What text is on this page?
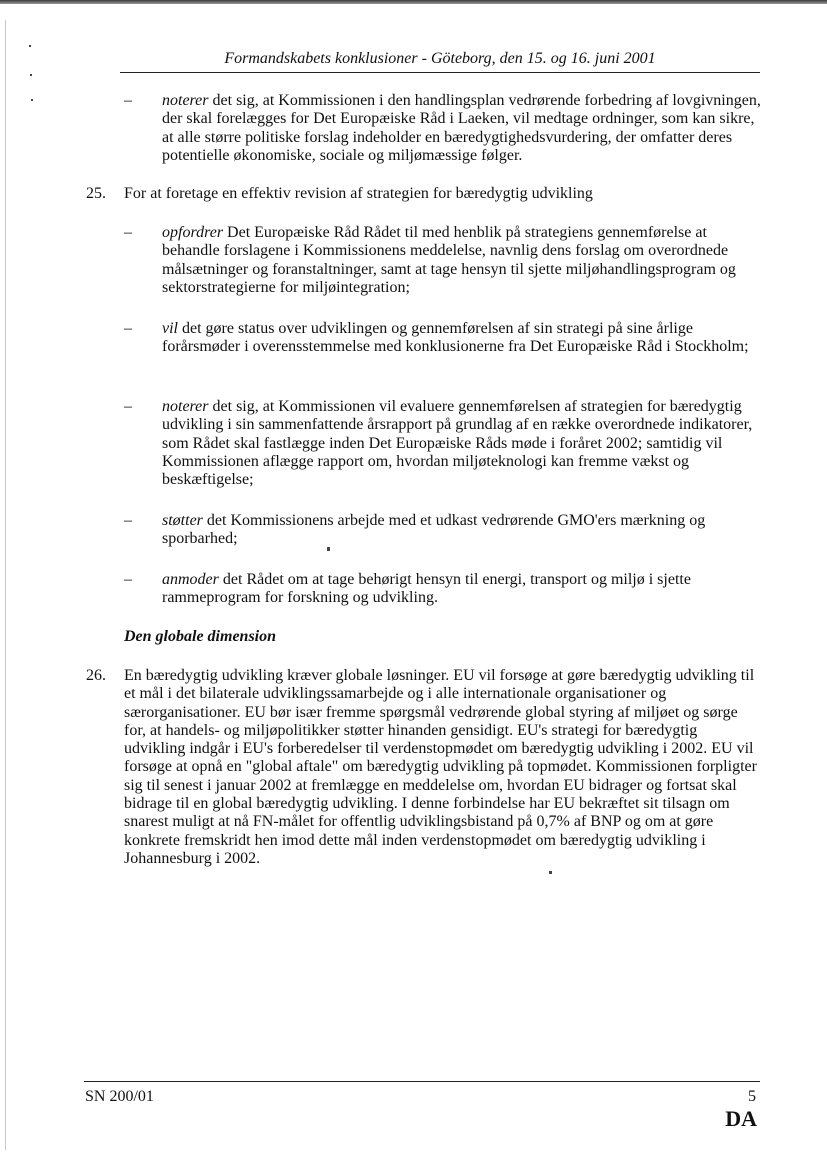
Formandskabets konklusioner - Göteborg, den 15. og 16. juni 2001
– noterer det sig, at Kommissionen i den handlingsplan vedrørende forbedring af lovgivningen, der skal forelægges for Det Europæiske Råd i Laeken, vil medtage ordninger, som kan sikre, at alle større politiske forslag indeholder en bæredygtighedsvurdering, der omfatter deres potentielle økonomiske, sociale og miljømæssige følger.
25. For at foretage en effektiv revision af strategien for bæredygtig udvikling
– opfordrer Det Europæiske Råd Rådet til med henblik på strategiens gennemførelse at behandle forslagene i Kommissionens meddelelse, navnlig dens forslag om overordnede målsætninger og foranstaltninger, samt at tage hensyn til sjette miljøhandlingsprogram og sektorstrategierne for miljøintegration;
– vil det gøre status over udviklingen og gennemførelsen af sin strategi på sine årlige forårsmøder i overensstemmelse med konklusionerne fra Det Europæiske Råd i Stockholm;
– noterer det sig, at Kommissionen vil evaluere gennemførelsen af strategien for bæredygtig udvikling i sin sammenfattende årsrapport på grundlag af en række overordnede indikatorer, som Rådet skal fastlægge inden Det Europæiske Råds møde i foråret 2002; samtidig vil Kommissionen aflægge rapport om, hvordan miljøteknologi kan fremme vækst og beskæftigelse;
– støtter det Kommissionens arbejde med et udkast vedrørende GMO'ers mærkning og sporbarhed;
– anmoder det Rådet om at tage behørigt hensyn til energi, transport og miljø i sjette rammeprogram for forskning og udvikling.
Den globale dimension
26. En bæredygtig udvikling kræver globale løsninger. EU vil forsøge at gøre bæredygtig udvikling til et mål i det bilaterale udviklingssamarbejde og i alle internationale organisationer og særorganisationer. EU bør især fremme spørgsmål vedrørende global styring af miljøet og sørge for, at handels- og miljøpolitikker støtter hinanden gensidigt. EU's strategi for bæredygtig udvikling indgår i EU's forberedelser til verdenstopmødet om bæredygtig udvikling i 2002. EU vil forsøge at opnå en "global aftale" om bæredygtig udvikling på topmødet. Kommissionen forpligter sig til senest i januar 2002 at fremlægge en meddelelse om, hvordan EU bidrager og fortsat skal bidrage til en global bæredygtig udvikling. I denne forbindelse har EU bekræftet sit tilsagn om snarest muligt at nå FN-målet for offentlig udviklingsbistand på 0,7% af BNP og om at gøre konkrete fremskridt hen imod dette mål inden verdenstopmødet om bæredygtig udvikling i Johannesburg i 2002.
SN 200/01	5
DA
